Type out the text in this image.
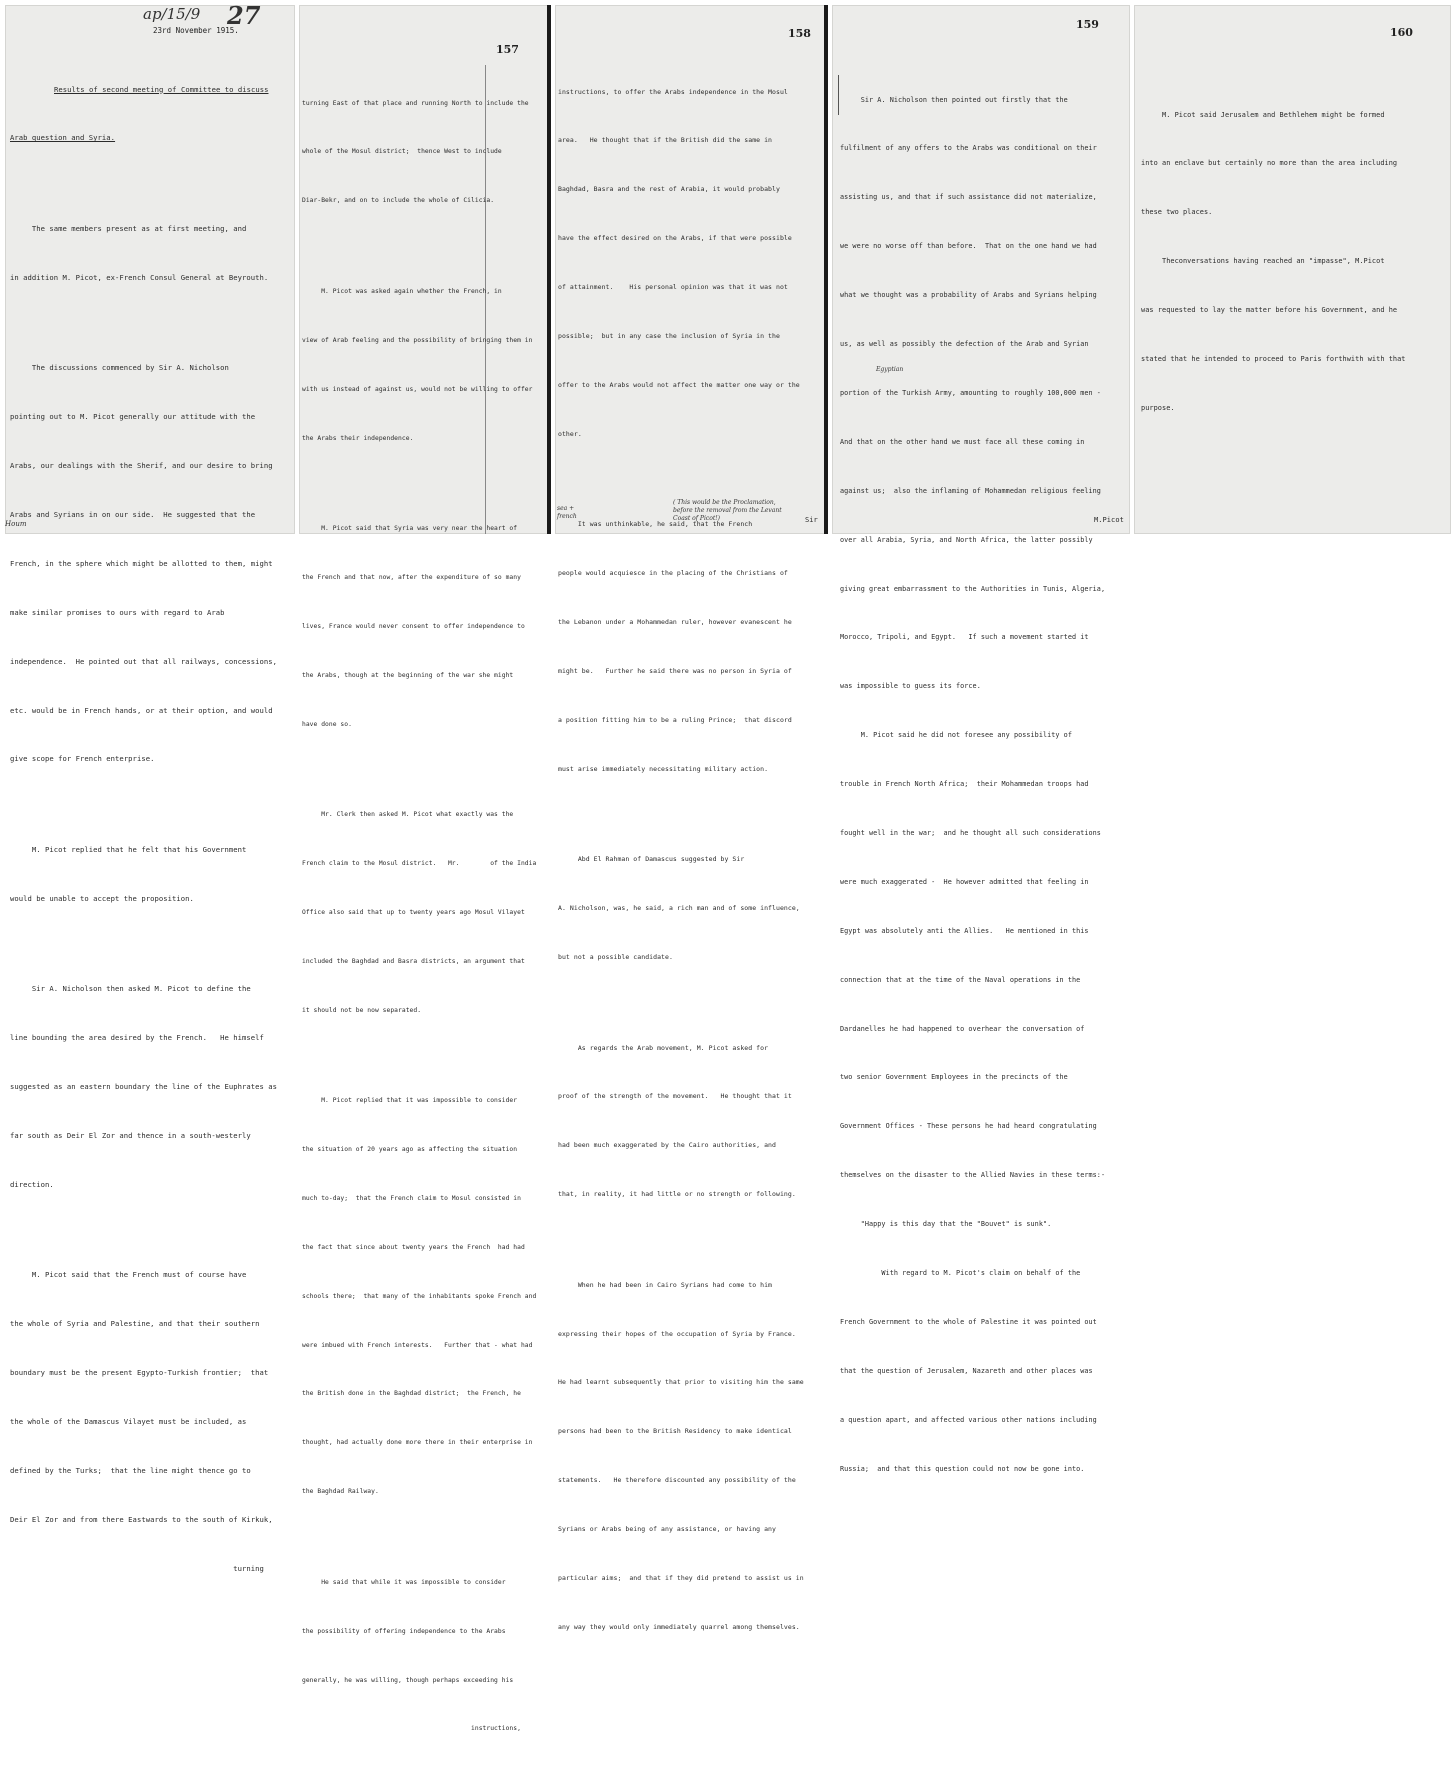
ap/15/9 27
23rd November 1915.

Results of second meeting of Committee to discuss

Arab question and Syria.

The same members present as at first meeting, and

in addition M. Picot, ex-French Consul General at Beyrouth.

The discussions commenced by Sir A. Nicholson

pointing out to M. Picot generally our attitude with the

Arabs, our dealings with the Sherif, and our desire to bring

Arabs and Syrians in on our side.  He suggested that the

French, in the sphere which might be allotted to them, might

make similar promises to ours with regard to Arab

independence.  He pointed out that all railways, concessions,

etc. would be in French hands, or at their option, and would

give scope for French enterprise.

M. Picot replied that he felt that his Government

would be unable to accept the proposition.

Sir A. Nicholson then asked M. Picot to define the

line bounding the area desired by the French.   He himself

suggested as an eastern boundary the line of the Euphrates as

far south as Deir El Zor and thence in a south-westerly

direction.

M. Picot said that the French must of course have

the whole of Syria and Palestine, and that their southern

boundary must be the present Egypto-Turkish frontier;  that

the whole of the Damascus Vilayet must be included, as

defined by the Turks;  that the line might thence go to

Deir El Zor and from there Eastwards to the south of Kirkuk,

turning

Houm
157

turning East of that place and running North to include the

whole of the Mosul district;  thence West to include

Diar-Bekr, and on to include the whole of Cilicia.

M. Picot was asked again whether the French, in

view of Arab feeling and the possibility of bringing them in

with us instead of against us, would not be willing to offer

the Arabs their independence.

M. Picot said that Syria was very near the heart of

the French and that now, after the expenditure of so many

lives, France would never consent to offer independence to

the Arabs, though at the beginning of the war she might

have done so.

Mr. Clerk then asked M. Picot what exactly was the

French claim to the Mosul district.   Mr.        of the India

Office also said that up to twenty years ago Mosul Vilayet

included the Baghdad and Basra districts, an argument that

it should not be now separated.

M. Picot replied that it was impossible to consider

the situation of 20 years ago as affecting the situation

much to-day;  that the French claim to Mosul consisted in

the fact that since about twenty years the French  had had

schools there;  that many of the inhabitants spoke French and

were imbued with French interests.   Further that - what had

the British done in the Baghdad district;  the French, he

thought, had actually done more there in their enterprise in

the Baghdad Railway.

He said that while it was impossible to consider

the possibility of offering independence to the Arabs

generally, he was willing, though perhaps exceeding his

instructions,

158

instructions, to offer the Arabs independence in the Mosul

area.   He thought that if the British did the same in

Baghdad, Basra and the rest of Arabia, it would probably

have the effect desired on the Arabs, if that were possible

of attainment.    His personal opinion was that it was not

possible;  but in any case the inclusion of Syria in the

offer to the Arabs would not affect the matter one way or the

other.

It was unthinkable, he said, that the French

people would acquiesce in the placing of the Christians of

the Lebanon under a Mohammedan ruler, however evanescent he

might be.   Further he said there was no person in Syria of

a position fitting him to be a ruling Prince;  that discord

must arise immediately necessitating military action.

Abd El Rahman of Damascus suggested by Sir

A. Nicholson, was, he said, a rich man and of some influence,

but not a possible candidate.

As regards the Arab movement, M. Picot asked for

proof of the strength of the movement.   He thought that it

had been much exaggerated by the Cairo authorities, and

that, in reality, it had little or no strength or following.

When he had been in Cairo Syrians had come to him

expressing their hopes of the occupation of Syria by France.

He had learnt subsequently that prior to visiting him the same

persons had been to the British Residency to make identical

statements.   He therefore discounted any possibility of the

Syrians or Arabs being of any assistance, or having any

particular aims;  and that if they did pretend to assist us in

any way they would only immediately quarrel among themselves.

( This would be the Proclamation, before the removal from the Levant Coast of Picot!)
sea + french	Sir
159

Sir A. Nicholson then pointed out firstly that the

fulfilment of any offers to the Arabs was conditional on their

assisting us, and that if such assistance did not materialize,

we were no worse off than before.  That on the one hand we had

what we thought was a probability of Arabs and Syrians helping

us, as well as possibly the defection of the Arab and Syrian

portion of the Turkish Army, amounting to roughly 100,000 men -

And that on the other hand we must face all these coming in

against us;  also the inflaming of Mohammedan religious feeling

over all Arabia, Syria, and North Africa, the latter possibly

giving great embarrassment to the Authorities in Tunis, Algeria,

Morocco, Tripoli, and Egypt.   If such a movement started it

was impossible to guess its force.

M. Picot said he did not foresee any possibility of

trouble in French North Africa;  their Mohammedan troops had

fought well in the war;  and he thought all such considerations

were much exaggerated -  He however admitted that feeling in

Egypt was absolutely anti the Allies.   He mentioned in this

connection that at the time of the Naval operations in the

Dardanelles he had happened to overhear the conversation of

two senior Government Employees in the precincts of the

Government Offices - These persons he had heard congratulating

themselves on the disaster to the Allied Navies in these terms:-

"Happy is this day that the "Bouvet" is sunk".

With regard to M. Picot's claim on behalf of the

French Government to the whole of Palestine it was pointed out

that the question of Jerusalem, Nazareth and other places was

a question apart, and affected various other nations including

Russia;  and that this question could not now be gone into.

Egyptian
M.Picot
160

M. Picot said Jerusalem and Bethlehem might be formed

into an enclave but certainly no more than the area including

these two places.

Theconversations having reached an "impasse", M.Picot

was requested to lay the matter before his Government, and he

stated that he intended to proceed to Paris forthwith with that

purpose.
